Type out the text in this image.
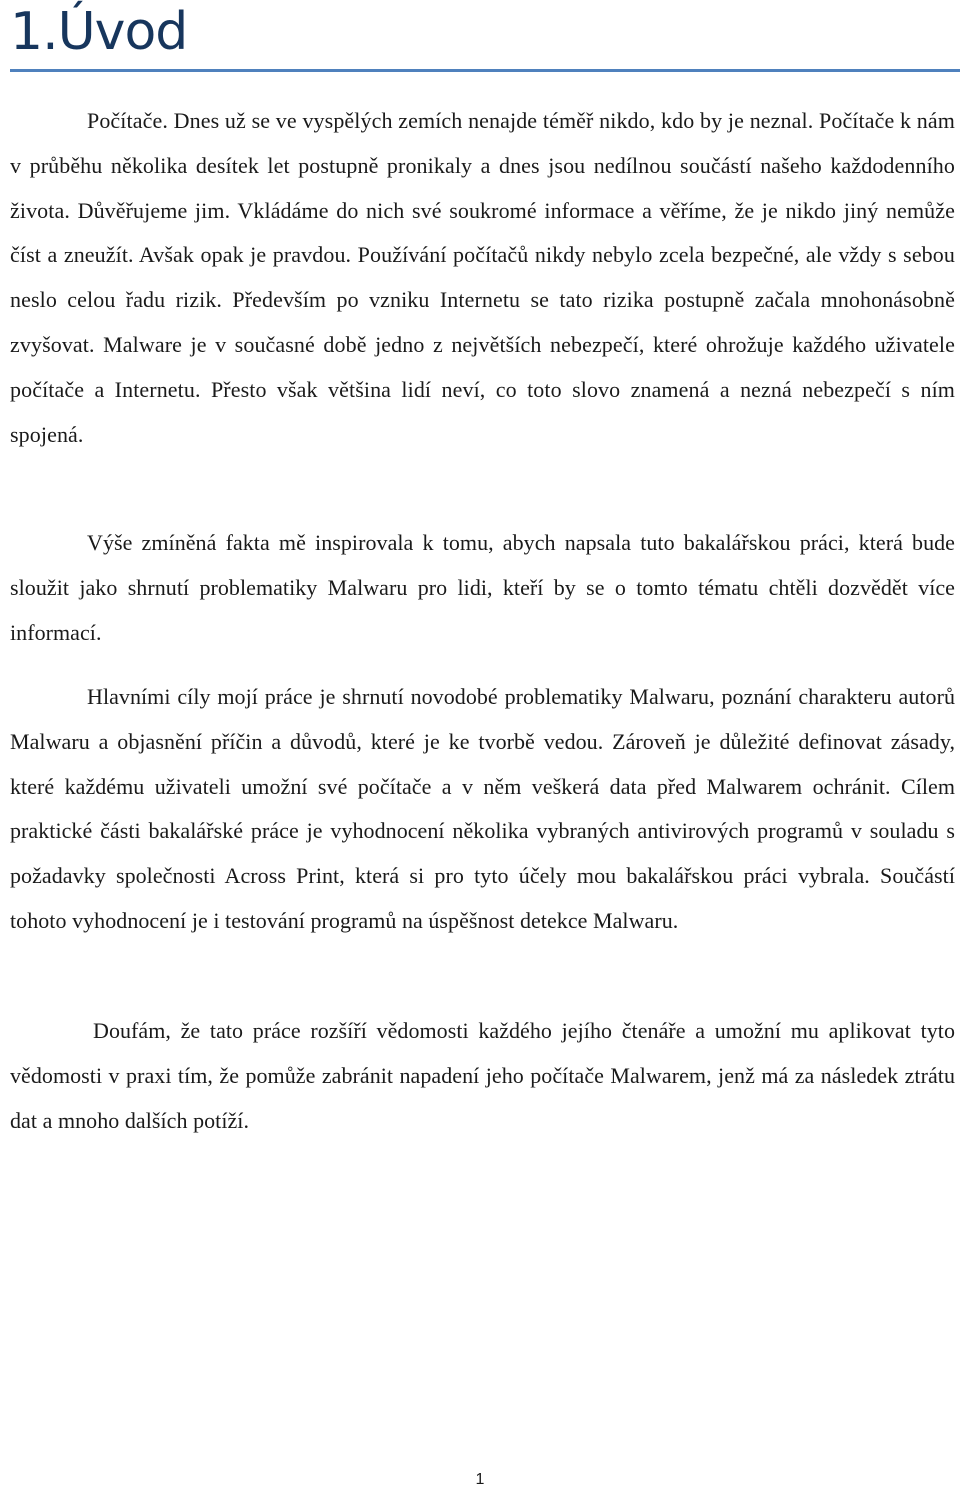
1.Úvod

Počítače. Dnes už se ve vyspělých zemích nenajde téměř nikdo, kdo by je neznal. Počítače k nám v průběhu několika desítek let postupně pronikaly a dnes jsou nedílnou součástí našeho každodenního života. Důvěřujeme jim. Vkládáme do nich své soukromé informace a věříme, že je nikdo jiný nemůže číst a zneužít. Avšak opak je pravdou. Používání počítačů nikdy nebylo zcela bezpečné, ale vždy s sebou neslo celou řadu rizik. Především po vzniku Internetu se tato rizika postupně začala mnohonásobně zvyšovat. Malware je v současné době jedno z největších nebezpečí, které ohrožuje každého uživatele počítače a Internetu. Přesto však většina lidí neví, co toto slovo znamená a nezná nebezpečí s ním spojená.

Výše zmíněná fakta mě inspirovala k tomu, abych napsala tuto bakalářskou práci, která bude sloužit jako shrnutí problematiky Malwaru pro lidi, kteří by se o tomto tématu chtěli dozvědět více informací.

Hlavními cíly mojí práce je shrnutí novodobé problematiky Malwaru, poznání charakteru autorů Malwaru a objasnění příčin a důvodů, které je ke tvorbě vedou. Zároveň je důležité definovat zásady, které každému uživateli umožní své počítače a v něm veškerá data před Malwarem ochránit. Cílem praktické části bakalářské práce je vyhodnocení několika vybraných antivirových programů v souladu s požadavky společnosti Across Print, která si pro tyto účely mou bakalářskou práci vybrala. Součástí tohoto vyhodnocení je i testování programů na úspěšnost detekce Malwaru.

Doufám, že tato práce rozšíří vědomosti každého jejího čtenáře a umožní mu aplikovat tyto vědomosti v praxi tím, že pomůže zabránit napadení jeho počítače Malwarem, jenž má za následek ztrátu dat a mnoho dalších potíží.

1
